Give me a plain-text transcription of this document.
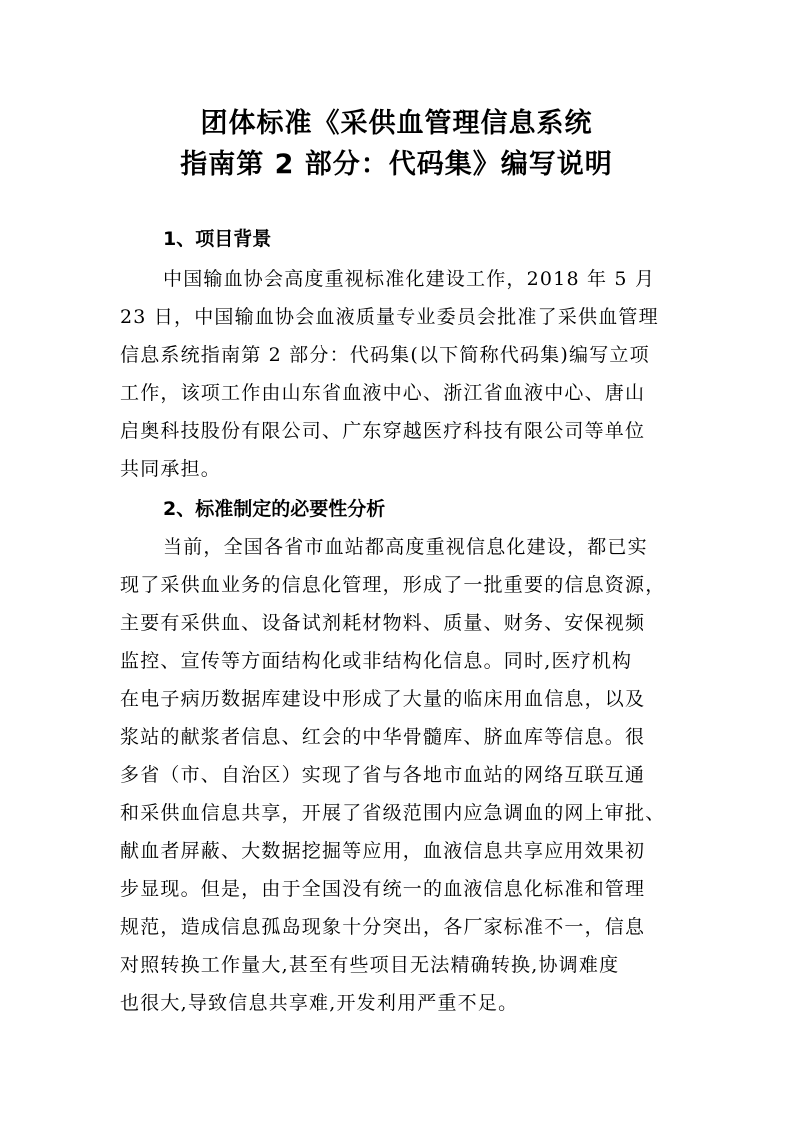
团体标准《采供血管理信息系统
指南第 2 部分：代码集》编写说明
1、项目背景
中国输血协会高度重视标准化建设工作，2018 年 5 月
23 日，中国输血协会血液质量专业委员会批准了采供血管理
信息系统指南第 2 部分：代码集(以下简称代码集)编写立项
工作，该项工作由山东省血液中心、浙江省血液中心、唐山
启奥科技股份有限公司、广东穿越医疗科技有限公司等单位
共同承担。
2、标准制定的必要性分析
当前，全国各省市血站都高度重视信息化建设，都已实
现了采供血业务的信息化管理，形成了一批重要的信息资源，
主要有采供血、设备试剂耗材物料、质量、财务、安保视频
监控、宣传等方面结构化或非结构化信息。同时,医疗机构
在电子病历数据库建设中形成了大量的临床用血信息，以及
浆站的献浆者信息、红会的中华骨髓库、脐血库等信息。很
多省（市、自治区）实现了省与各地市血站的网络互联互通
和采供血信息共享，开展了省级范围内应急调血的网上审批、
献血者屏蔽、大数据挖掘等应用，血液信息共享应用效果初
步显现。但是，由于全国没有统一的血液信息化标准和管理
规范，造成信息孤岛现象十分突出，各厂家标准不一，信息
对照转换工作量大,甚至有些项目无法精确转换,协调难度
也很大,导致信息共享难,开发利用严重不足。
